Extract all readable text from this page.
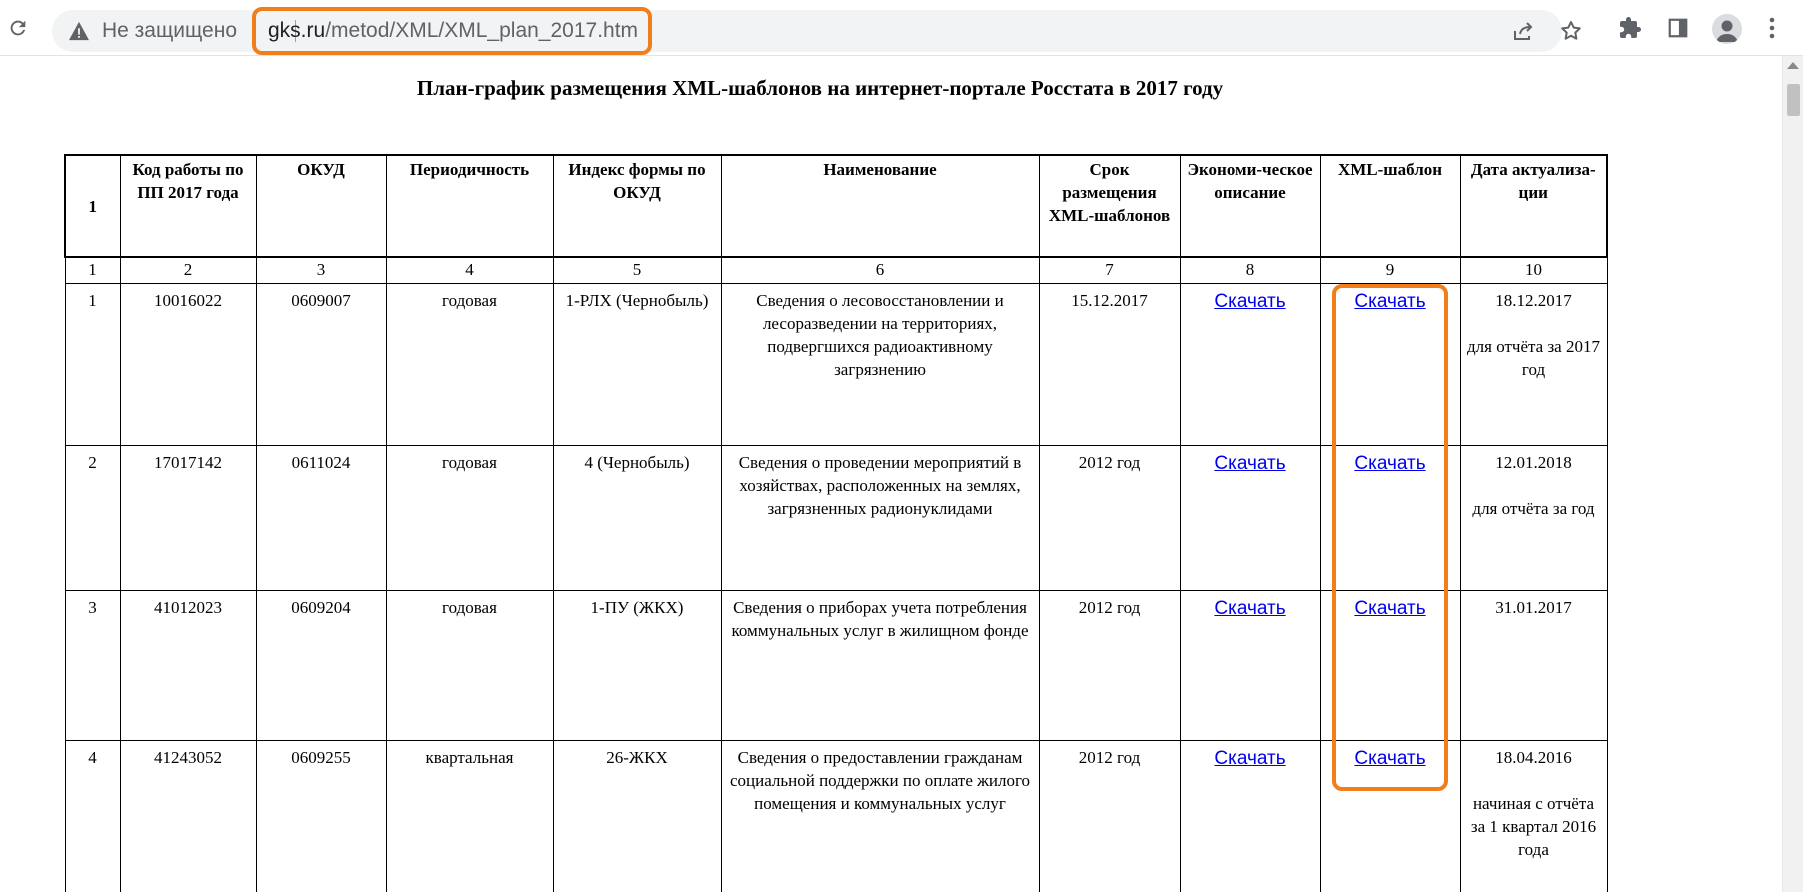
Не защищено gks.ru/metod/XML/XML_plan_2017.htm
План-график размещения XML-шаблонов на интернет-портале Росстата в 2017 году
1	Код работы по ПП 2017 года	ОКУД	Периодичность	Индекс формы по ОКУД	Наименование	Срок размещения XML-шаблонов	Экономи-ческое описание	XML-шаблон	Дата актуализа-ции
1	2	3	4	5	6	7	8	9	10
1	10016022	0609007	годовая	1-РЛХ (Чернобыль)	Сведения о лесовосстановлении и лесоразведении на территориях, подвергшихся радиоактивному загрязнению	15.12.2017	Скачать	Скачать	18.12.2017
для отчёта за 2017 год
2	17017142	0611024	годовая	4 (Чернобыль)	Сведения о проведении мероприятий в хозяйствах, расположенных на землях, загрязненных радионуклидами	2012 год	Скачать	Скачать	12.01.2018
для отчёта за год
3	41012023	0609204	годовая	1-ПУ (ЖКХ)	Сведения о приборах учета потребления коммунальных услуг в жилищном фонде	2012 год	Скачать	Скачать	31.01.2017
4	41243052	0609255	квартальная	26-ЖКХ	Сведения о предоставлении гражданам социальной поддержки по оплате жилого помещения и коммунальных услуг	2012 год	Скачать	Скачать	18.04.2016
начиная с отчёта за 1 квартал 2016 года
